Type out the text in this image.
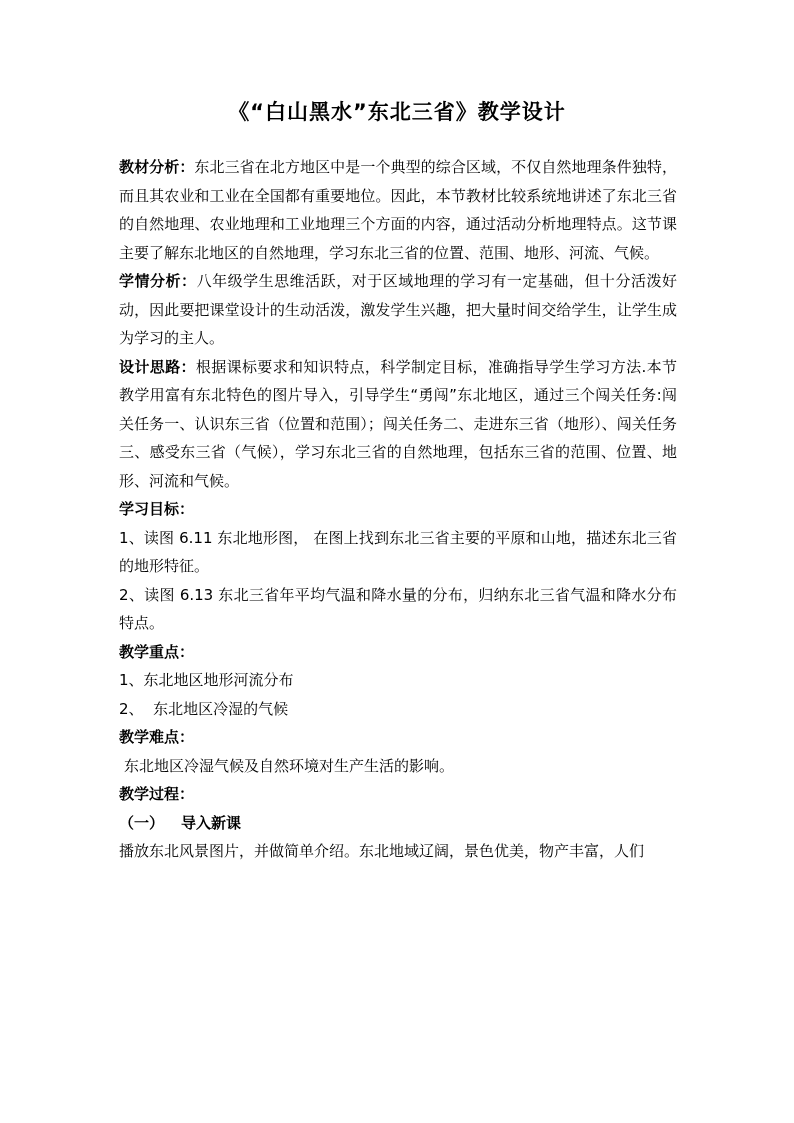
《“白山黑水”东北三省》教学设计

教材分析：东北三省在北方地区中是一个典型的综合区域，不仅自然地理条件独特，而且其农业和工业在全国都有重要地位。因此，本节教材比较系统地讲述了东北三省的自然地理、农业地理和工业地理三个方面的内容，通过活动分析地理特点。这节课主要了解东北地区的自然地理，学习东北三省的位置、范围、地形、河流、气候。

学情分析：八年级学生思维活跃，对于区域地理的学习有一定基础，但十分活泼好动，因此要把课堂设计的生动活泼，激发学生兴趣，把大量时间交给学生，让学生成为学习的主人。

设计思路：根据课标要求和知识特点，科学制定目标，准确指导学生学习方法.本节教学用富有东北特色的图片导入，引导学生“勇闯”东北地区，通过三个闯关任务:闯关任务一、认识东三省（位置和范围）；闯关任务二、走进东三省（地形）、闯关任务三、感受东三省（气候），学习东北三省的自然地理，包括东三省的范围、位置、地形、河流和气候。

学习目标：

1、读图 6.11 东北地形图， 在图上找到东北三省主要的平原和山地，描述东北三省的地形特征。

2、读图 6.13 东北三省年平均气温和降水量的分布，归纳东北三省气温和降水分布特点。

教学重点：

1、东北地区地形河流分布

2、  东北地区冷湿的气候

教学难点：

东北地区冷湿气候及自然环境对生产生活的影响。

教学过程：

（一） 导入新课

播放东北风景图片，并做简单介绍。东北地域辽阔，景色优美，物产丰富，人们
